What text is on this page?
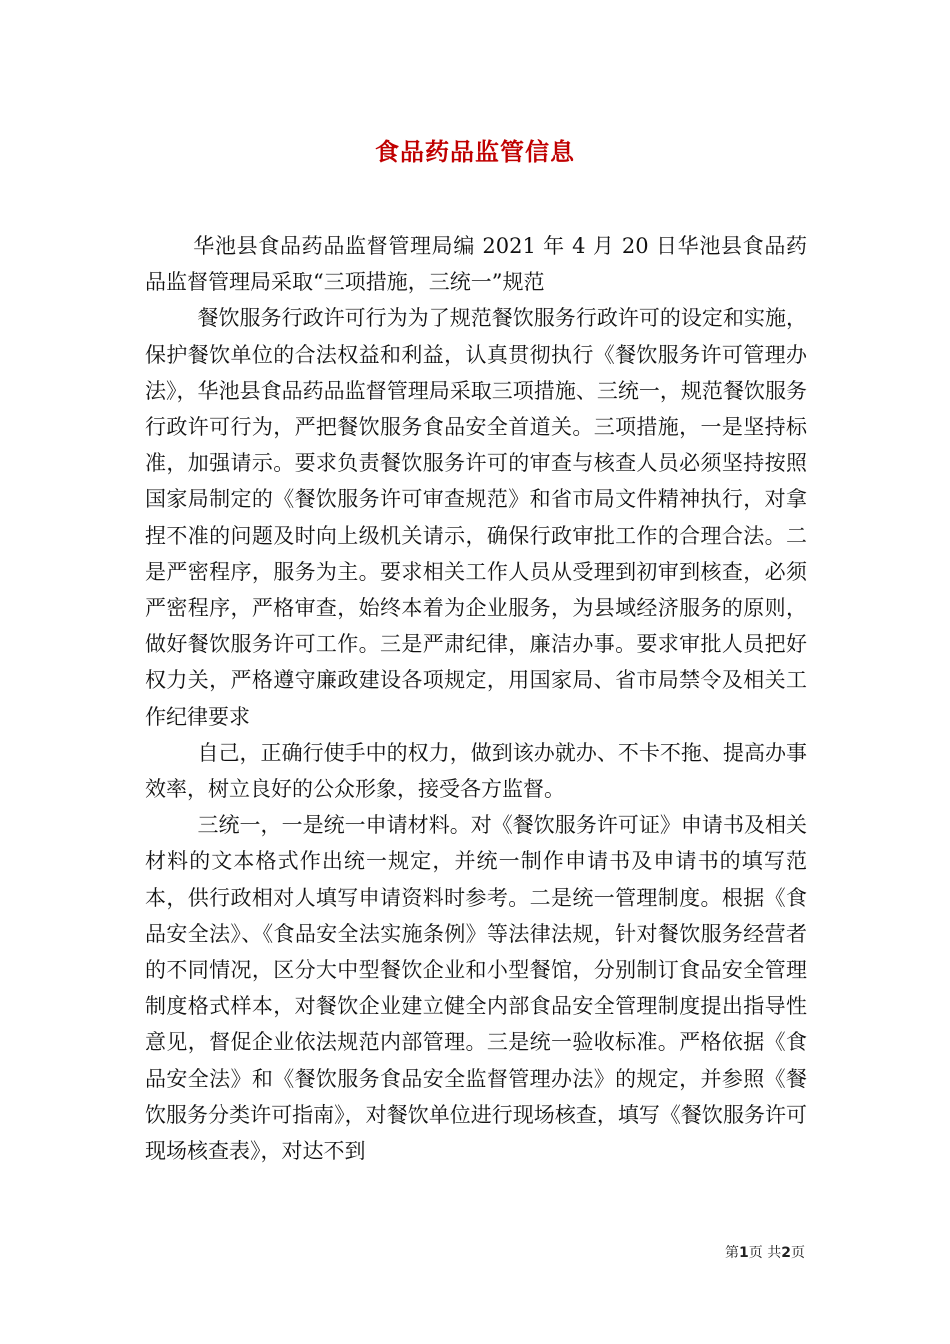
食品药品监管信息

华池县食品药品监督管理局编 2021 年 4 月 20 日华池县食品药品监督管理局采取“三项措施，三统一”规范

餐饮服务行政许可行为为了规范餐饮服务行政许可的设定和实施，保护餐饮单位的合法权益和利益，认真贯彻执行《餐饮服务许可管理办法》，华池县食品药品监督管理局采取三项措施、三统一，规范餐饮服务行政许可行为，严把餐饮服务食品安全首道关。三项措施，一是坚持标准，加强请示。要求负责餐饮服务许可的审查与核查人员必须坚持按照国家局制定的《餐饮服务许可审查规范》和省市局文件精神执行，对拿捏不准的问题及时向上级机关请示，确保行政审批工作的合理合法。二是严密程序，服务为主。要求相关工作人员从受理到初审到核查，必须严密程序，严格审查，始终本着为企业服务，为县域经济服务的原则，做好餐饮服务许可工作。三是严肃纪律，廉洁办事。要求审批人员把好权力关，严格遵守廉政建设各项规定，用国家局、省市局禁令及相关工作纪律要求

自己，正确行使手中的权力，做到该办就办、不卡不拖、提高办事效率，树立良好的公众形象，接受各方监督。

三统一，一是统一申请材料。对《餐饮服务许可证》申请书及相关材料的文本格式作出统一规定，并统一制作申请书及申请书的填写范本，供行政相对人填写申请资料时参考。二是统一管理制度。根据《食品安全法》、《食品安全法实施条例》等法律法规，针对餐饮服务经营者的不同情况，区分大中型餐饮企业和小型餐馆，分别制订食品安全管理制度格式样本，对餐饮企业建立健全内部食品安全管理制度提出指导性意见，督促企业依法规范内部管理。三是统一验收标准。严格依据《食品安全法》和《餐饮服务食品安全监督管理办法》的规定，并参照《餐饮服务分类许可指南》，对餐饮单位进行现场核查，填写《餐饮服务许可现场核查表》，对达不到

第1页 共2页
